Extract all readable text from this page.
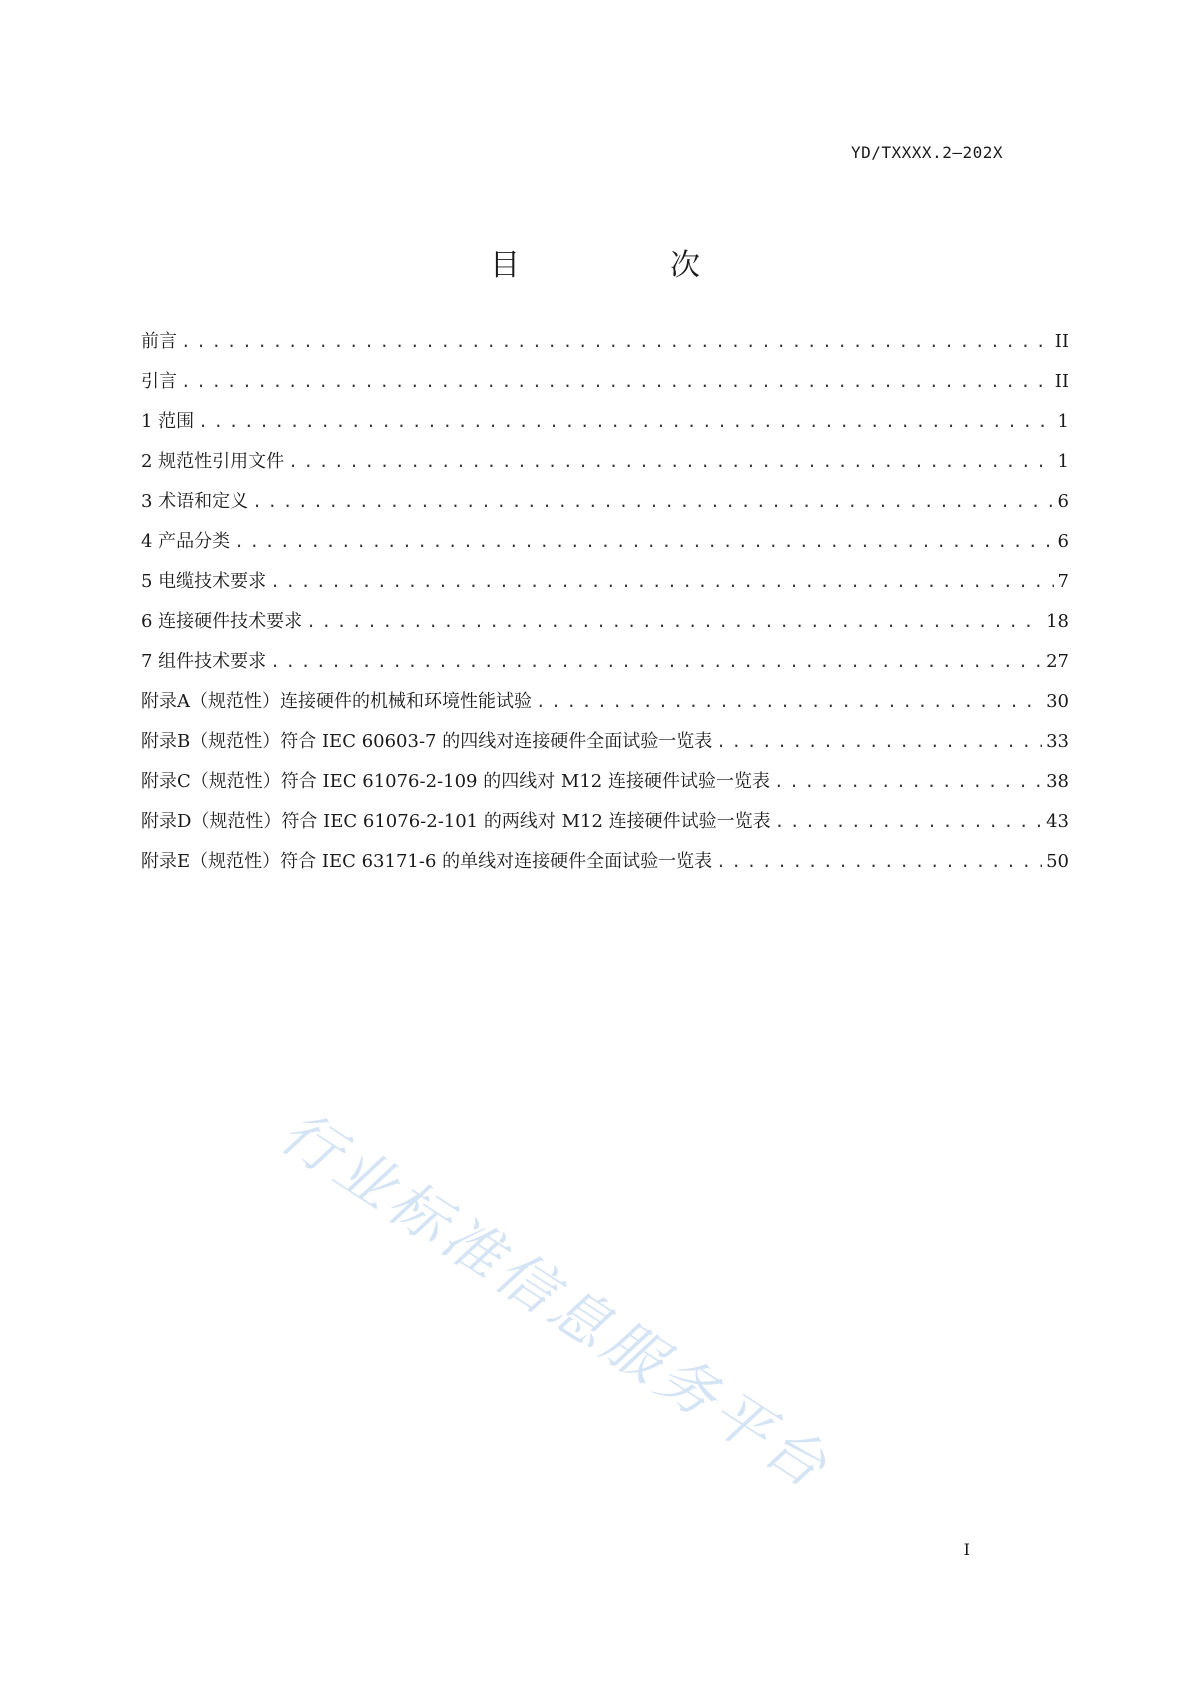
YD/TXXXX.2—202X
目　次
前言 . . .	II
引言 . . .	II
1 范围 . . .	1
2 规范性引用文件 . . .	1
3 术语和定义 . . .	6
4 产品分类 . . .	6
5 电缆技术要求 . . .	7
6 连接硬件技术要求 . . .	18
7 组件技术要求 . . .	27
附录A（规范性）连接硬件的机械和环境性能试验 . . .	30
附录B（规范性）符合 IEC 60603-7 的四线对连接硬件全面试验一览表 . . .	33
附录C（规范性）符合 IEC 61076-2-109 的四线对 M12 连接硬件试验一览表 . . .	38
附录D（规范性）符合 IEC 61076-2-101 的两线对 M12 连接硬件试验一览表 . . .	43
附录E（规范性）符合 IEC 63171-6 的单线对连接硬件全面试验一览表 . . .	50
行业标准信息服务平台
I
